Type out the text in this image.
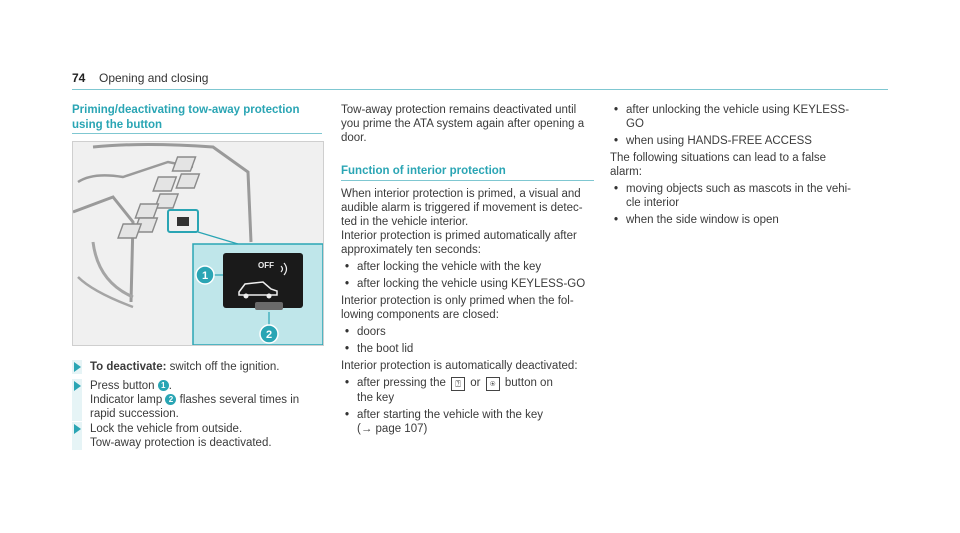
74 Opening and closing
Priming/deactivating tow-away protection
using the button
OFF
1
2
To deactivate: switch off the ignition.
Press button 1 .
Indicator lamp 2 flashes several times in
rapid succession.
Lock the vehicle from outside.
Tow-away protection is deactivated.
Tow-away protection remains deactivated until
you prime the ATA system again after opening a
door.
Function of interior protection
When interior protection is primed, a visual and
audible alarm is triggered if movement is detec-
ted in the vehicle interior.
Interior protection is primed automatically after
approximately ten seconds:
• after locking the vehicle with the key
• after locking the vehicle using KEYLESS-GO
Interior protection is only primed when the fol-
lowing components are closed:
• doors
• the boot lid
Interior protection is automatically deactivated:
• after pressing the ⍰ or ⍟ button on
the key
• after starting the vehicle with the key
(→ page 107)
• after unlocking the vehicle using KEYLESS-
GO
• when using HANDS-FREE ACCESS
The following situations can lead to a false
alarm:
• moving objects such as mascots in the vehi-
cle interior
• when the side window is open
